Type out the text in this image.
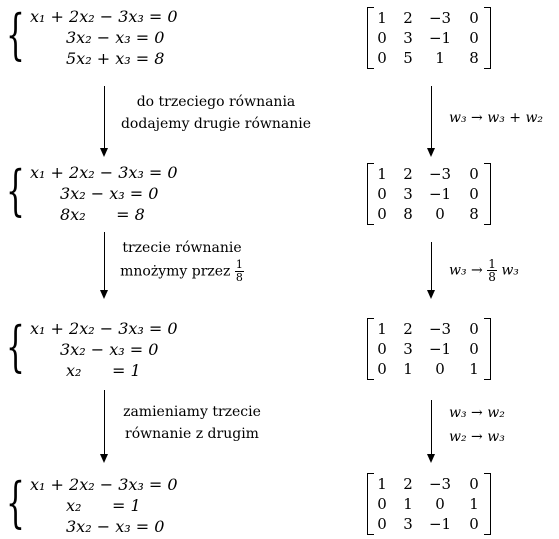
{ x₁ + 2x₂ − 3x₃ = 0
3x₂ − x₃ = 0
5x₂ + x₃ = 8
1	2	−3	0
0	3	−1	0
0	5	1	8
do trzeciego równania
dodajemy drugie równanie	w₃ → w₃ + w₂
{ x₁ + 2x₂ − 3x₃ = 0
3x₂ − x₃ = 0
8x₂      = 8
1	2	−3	0
0	3	−1	0
0	8	0	8
trzecie równanie
mnożymy przez $\frac{1}{8}$	$w_3 \to \frac{1}{8} w_3$
{ x₁ + 2x₂ − 3x₃ = 0
3x₂ − x₃ = 0
x₂      = 1
1	2	−3	0
0	3	−1	0
0	1	0	1
zamieniamy trzecie
równanie z drugim
w₃ → w₂
w₂ → w₃
{ x₁ + 2x₂ − 3x₃ = 0
x₂      = 1
3x₂ − x₃ = 0
1	2	−3	0
0	1	0	1
0	3	−1	0
